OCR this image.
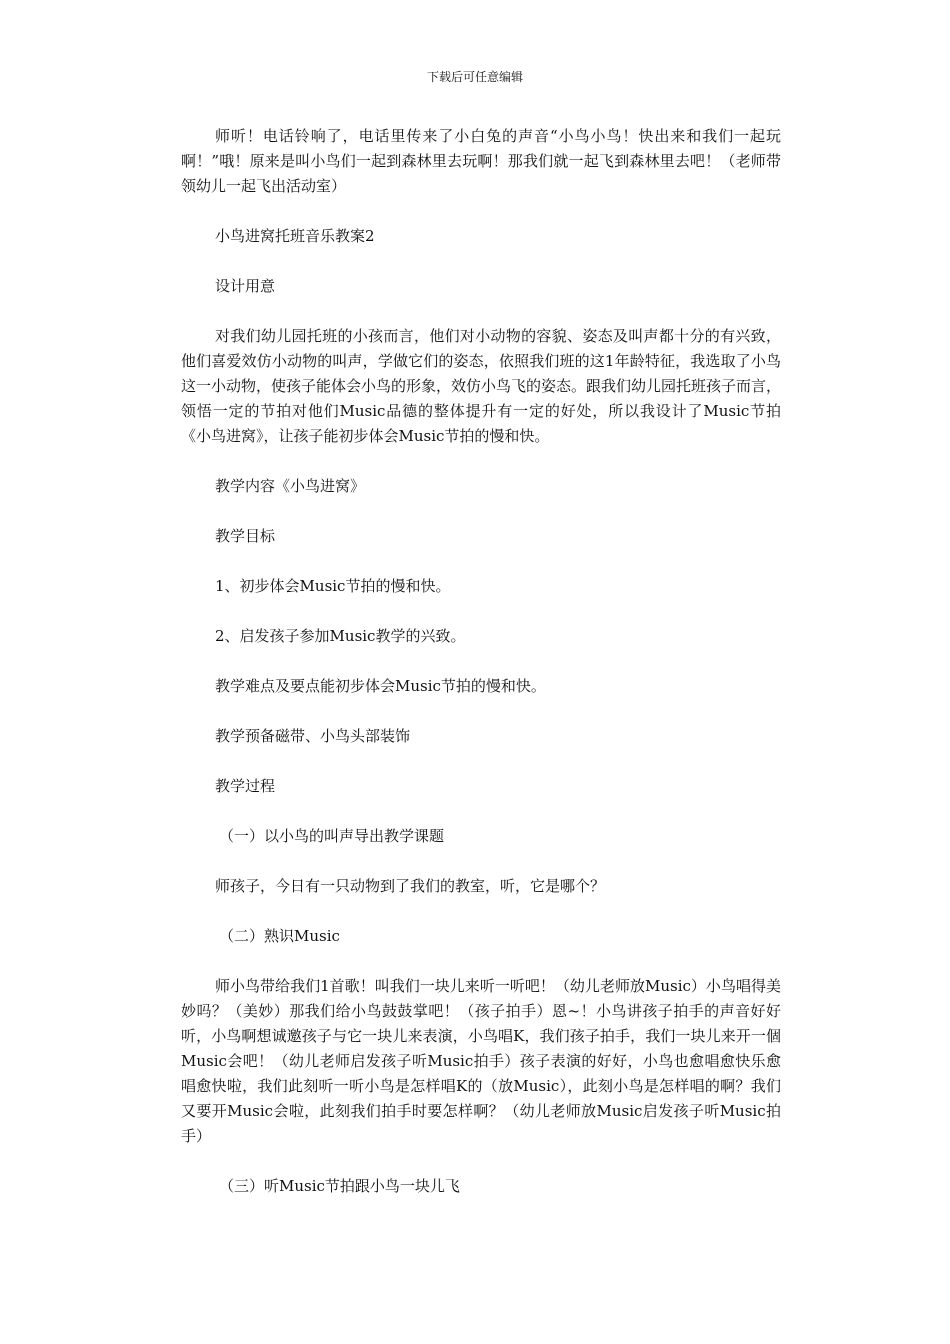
下载后可任意编辑

师听！电话铃响了，电话里传来了小白兔的声音“小鸟小鸟！快出来和我们一起玩啊！”哦！原来是叫小鸟们一起到森林里去玩啊！那我们就一起飞到森林里去吧！（老师带领幼儿一起飞出活动室）

小鸟进窝托班音乐教案2

设计用意

对我们幼儿园托班的小孩而言，他们对小动物的容貌、姿态及叫声都十分的有兴致，他们喜爱效仿小动物的叫声，学做它们的姿态，依照我们班的这1年龄特征，我选取了小鸟这一小动物，使孩子能体会小鸟的形象，效仿小鸟飞的姿态。跟我们幼儿园托班孩子而言，领悟一定的节拍对他们Music品德的整体提升有一定的好处，所以我设计了Music节拍《小鸟进窝》，让孩子能初步体会Music节拍的慢和快。

教学内容《小鸟进窝》

教学目标

1、初步体会Music节拍的慢和快。

2、启发孩子参加Music教学的兴致。

教学难点及要点能初步体会Music节拍的慢和快。

教学预备磁带、小鸟头部装饰

教学过程

（一）以小鸟的叫声导出教学课题

师孩子，今日有一只动物到了我们的教室，听，它是哪个？

（二）熟识Music

师小鸟带给我们1首歌！叫我们一块儿来听一听吧！（幼儿老师放Music）小鸟唱得美妙吗？（美妙）那我们给小鸟鼓鼓掌吧！（孩子拍手）恩~！小鸟讲孩子拍手的声音好好听，小鸟啊想诚邀孩子与它一块儿来表演，小鸟唱K，我们孩子拍手，我们一块儿来开一個Music会吧！（幼儿老师启发孩子听Music拍手）孩子表演的好好，小鸟也愈唱愈快乐愈唱愈快啦，我们此刻听一听小鸟是怎样唱K的（放Music），此刻小鸟是怎样唱的啊？我们又要开Music会啦，此刻我们拍手时要怎样啊？（幼儿老师放Music启发孩子听Music拍手）

（三）听Music节拍跟小鸟一块儿飞
